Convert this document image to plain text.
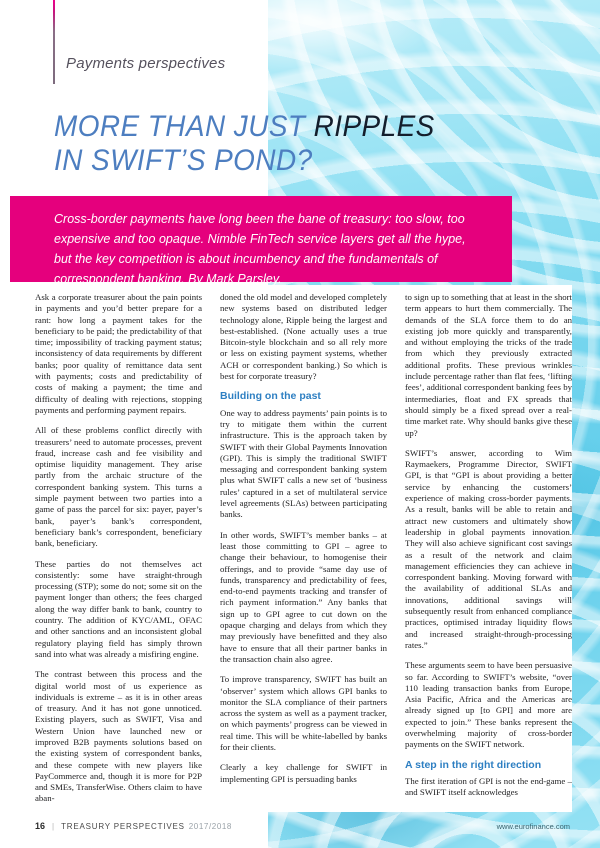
Payments perspectives
MORE THAN JUST RIPPLES
IN SWIFT’S POND?
Cross-border payments have long been the bane of treasury: too slow, too expensive and too opaque. Nimble FinTech service layers get all the hype, but the key competition is about incumbency and the fundamentals of correspondent banking. By Mark Parsley.

Ask a corporate treasurer about the pain points in payments and you’d better prepare for a rant: how long a payment takes for the beneficiary to be paid; the predictability of that time; impossibility of tracking payment status; inconsistency of data requirements by different banks; poor quality of remittance data sent with payments; costs and predictability of costs of making a payment; the time and difficulty of dealing with rejections, stopping payments and performing payment repairs.

All of these problems conflict directly with treasurers’ need to automate processes, prevent fraud, increase cash and fee visibility and optimise liquidity management. They arise partly from the archaic structure of the correspondent banking system. This turns a simple payment between two parties into a game of pass the parcel for six: payer, payer’s bank, payer’s bank’s correspondent, beneficiary bank’s correspondent, beneficiary bank, beneficiary.

These parties do not themselves act consistently: some have straight-through processing (STP); some do not; some sit on the payment longer than others; the fees charged along the way differ bank to bank, country to country. The addition of KYC/AML, OFAC and other sanctions and an inconsistent global regulatory playing field has simply thrown sand into what was already a misfiring engine.

The contrast between this process and the digital world most of us experience as individuals is extreme – as it is in other areas of treasury. And it has not gone unnoticed. Existing players, such as SWIFT, Visa and Western Union have launched new or improved B2B payments solutions based on the existing system of correspondent banks, and these compete with new players like PayCommerce and, though it is more for P2P and SMEs, TransferWise. Others claim to have aban-

doned the old model and developed completely new systems based on distributed ledger technology alone, Ripple being the largest and best-established. (None actually uses a true Bitcoin-style blockchain and so all rely more or less on existing payment systems, whether ACH or correspondent banking.) So which is best for corporate treasury?

Building on the past

One way to address payments’ pain points is to try to mitigate them within the current infrastructure. This is the approach taken by SWIFT with their Global Payments Innovation (GPI). This is simply the traditional SWIFT messaging and correspondent banking system plus what SWIFT calls a new set of ‘business rules’ captured in a set of multilateral service level agreements (SLAs) between participating banks.

In other words, SWIFT’s member banks – at least those committing to GPI – agree to change their behaviour, to homogenise their offerings, and to provide “same day use of funds, transparency and predictability of fees, end-to-end payments tracking and transfer of rich payment information.” Any banks that sign up to GPI agree to cut down on the opaque charging and delays from which they may previously have benefitted and they also have to ensure that all their partner banks in the transaction chain also agree.

To improve transparency, SWIFT has built an ‘observer’ system which allows GPI banks to monitor the SLA compliance of their partners across the system as well as a payment tracker, on which payments’ progress can be viewed in real time. This will be white-labelled by banks for their clients.

Clearly a key challenge for SWIFT in implementing GPI is persuading banks

to sign up to something that at least in the short term appears to hurt them commercially. The demands of the SLA force them to do an existing job more quickly and transparently, and without employing the tricks of the trade from which they previously extracted additional profits. These previous wrinkles include percentage rather than flat fees, ‘lifting fees’, additional correspondent banking fees by intermediaries, float and FX spreads that should simply be a fixed spread over a real-time market rate. Why should banks give these up?

SWIFT’s answer, according to Wim Raymaekers, Programme Director, SWIFT GPI, is that “GPI is about providing a better service by enhancing the customers’ experience of making cross-border payments. As a result, banks will be able to retain and attract new customers and ultimately show leadership in global payments innovation. They will also achieve significant cost savings as a result of the network and claim management efficiencies they can achieve in correspondent banking. Moving forward with the availability of additional SLAs and innovations, additional savings will subsequently result from enhanced compliance practices, optimised intraday liquidity flows and increased straight-through-processing rates.”

These arguments seem to have been persuasive so far. According to SWIFT’s website, “over 110 leading transaction banks from Europe, Asia Pacific, Africa and the Americas are already signed up [to GPI] and more are expected to join.” These banks represent the overwhelming majority of cross-border payments on the SWIFT network.

A step in the right direction

The first iteration of GPI is not the end-game – and SWIFT itself acknowledges

16 | TREASURY PERSPECTIVES 2017/2018	www.eurofinance.com
